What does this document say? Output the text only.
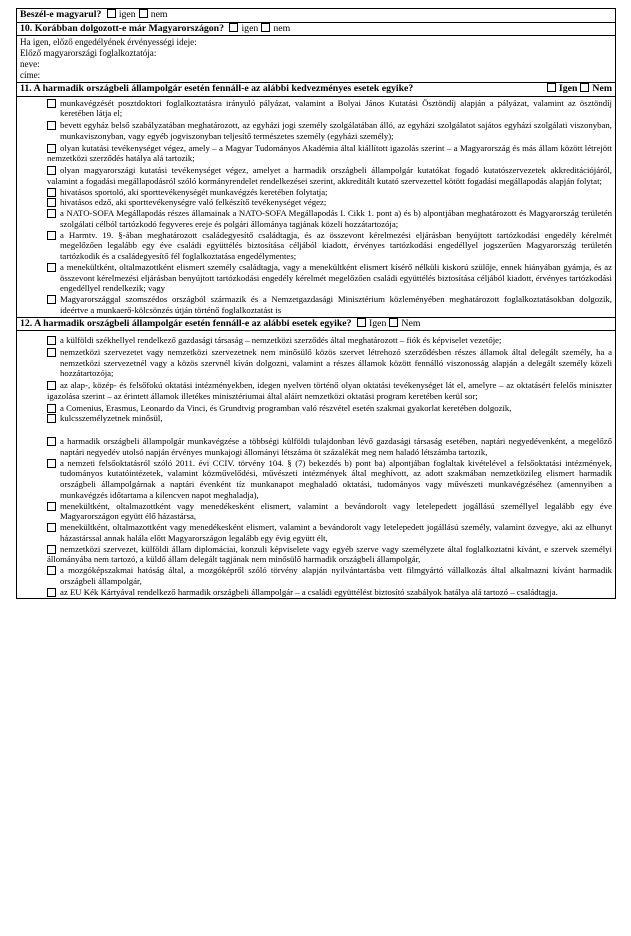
Beszél-e magyarul? igen nem
10. Korábban dolgozott-e már Magyarországon? igen nem

Ha igen, előző engedélyének érvényességi ideje:
Előző magyarországi foglalkoztatója:
neve:
címe:

11. A harmadik országbeli állampolgár esetén fennáll-e az alábbi kedvezményes esetek egyike?	Igen Nem

munkavégzését posztdoktori foglalkoztatásra irányuló pályázat, valamint a Bolyai János Kutatási Ösztöndíj alapján a pályázat, valamint az ösztöndíj keretében látja el;
bevett egyház belső szabályzatában meghatározott, az egyházi jogi személy szolgálatában álló, az egyházi szolgálatot sajátos egyházi szolgálati viszonyban, munkaviszonyban, vagy egyéb jogviszonyban teljesítő természetes személy (egyházi személy);
olyan kutatási tevékenységet végez, amely – a Magyar Tudományos Akadémia által kiállított igazolás szerint – a Magyarország és más állam között létrejött nemzetközi szerződés hatálya alá tartozik;
olyan magyarországi kutatási tevékenységet végez, amelyet a harmadik országbeli állampolgár kutatókat fogadó kutatószervezetek akkreditációjáról, valamint a fogadási megállapodásról szóló kormányrendelet rendelkezései szerint, akkreditált kutató szervezettel kötött fogadási megállapodás alapján folytat;
hivatásos sportoló, aki sporttevékenységét munkavégzés keretében folytatja;
hivatásos edző, aki sporttevékenységre való felkészítő tevékenységet végez;
a NATO-SOFA Megállapodás részes államainak a NATO-SOFA Megállapodás I. Cikk 1. pont a) és b) alpontjában meghatározott és Magyarország területén szolgálati célból tartózkodó fegyveres ereje és polgári állománya tagjának közeli hozzátartozója;
a Harmtv. 19. §-ában meghatározott családegyesítő családtagja, és az összevont kérelmezési eljárásban benyújtott tartózkodási engedély kérelmét megelőzően legalább egy éve családi együttélés biztosítása céljából kiadott, érvényes tartózkodási engedéllyel jogszerűen Magyarország területén tartózkodik és a családegyesítő fél foglalkoztatása engedélymentes;
a menekültként, oltalmazottként elismert személy családtagja, vagy a menekültként elismert kísérő nélküli kiskorú szülője, ennek hiányában gyámja, és az összevont kérelmezési eljárásban benyújtott tartózkodási engedély kérelmét megelőzően családi együttélés biztosítása céljából kiadott, érvényes tartózkodási engedéllyel rendelkezik; vagy
Magyarországgal szomszédos országból származik és a Nemzetgazdasági Minisztérium közleményében meghatározott foglalkoztatásokban dolgozik, ideértve a munkaerő-kölcsönzés útján történő foglalkoztatást is

12. A harmadik országbeli állampolgár esetén fennáll-e az alábbi esetek egyike? Igen Nem

a külföldi székhellyel rendelkező gazdasági társaság – nemzetközi szerződés által meghatározott – fiók és képviselet vezetője;
nemzetközi szervezetet vagy nemzetközi szervezetnek nem minősülő közös szervet létrehozó szerződésben részes államok által delegált személy, ha a nemzetközi szervezetnél vagy a közös szervnél kíván dolgozni, valamint a részes államok között fennálló viszonosság alapján a delegált személy közeli hozzátartozója;
az alap-, közép- és felsőfokú oktatási intézményekben, idegen nyelven történő olyan oktatási tevékenységet lát el, amelyre – az oktatásért felelős miniszter igazolása szerint – az érintett államok illetékes minisztériumai által aláírt nemzetközi oktatási program keretében kerül sor;
a Comenius, Erasmus, Leonardo da Vinci, és Grundtvig programban való részvétel esetén szakmai gyakorlat keretében dolgozik,
kulcsszemélyzetnek minősül,
a harmadik országbeli állampolgár munkavégzése a többségi külföldi tulajdonban lévő gazdasági társaság esetében, naptári negyedévenként, a megelőző naptári negyedév utolsó napján érvényes munkajogi állományi létszáma öt százalékát meg nem haladó létszámba tartozik,
a nemzeti felsőoktatásról szóló 2011. évi CCIV. törvény 104. § (7) bekezdés b) pont ba) alpontjában foglaltak kivételével a felsőoktatási intézmények, tudományos kutatóintézetek, valamint közművelődési, művészeti intézmények által meghívott, az adott szakmában nemzetközileg elismert harmadik országbeli állampolgárnak a naptári évenként tíz munkanapot meghaladó oktatási, tudományos vagy művészeti munkavégzéséhez (amennyiben a munkavégzés időtartama a kilencven napot meghaladja),
menekültként, oltalmazottként vagy menedékesként elismert, valamint a bevándorolt vagy letelepedett jogállású személlyel legalább egy éve Magyarországon együtt élő házastársa,
menekültként, oltalmazottként vagy menedékesként elismert, valamint a bevándorolt vagy letelepedett jogállású személy, valamint özvegye, aki az elhunyt házastárssal annak halála előtt Magyarországon legalább egy évig együtt élt,
nemzetközi szervezet, külföldi állam diplomáciai, konzuli képviselete vagy egyéb szerve vagy személyzete által foglalkoztatni kívánt, e szervek személyi állományába nem tartozó, a küldő állam delegált tagjának nem minősülő harmadik országbeli állampolgár,
a mozgóképszakmai hatóság által, a mozgóképről szóló törvény alapján nyilvántartásba vett filmgyártó vállalkozás által alkalmazni kívánt harmadik országbeli állampolgár,
az EU Kék Kártyával rendelkező harmadik országbeli állampolgár – a családi együttélést biztosító szabályok hatálya alá tartozó – családtagja.
